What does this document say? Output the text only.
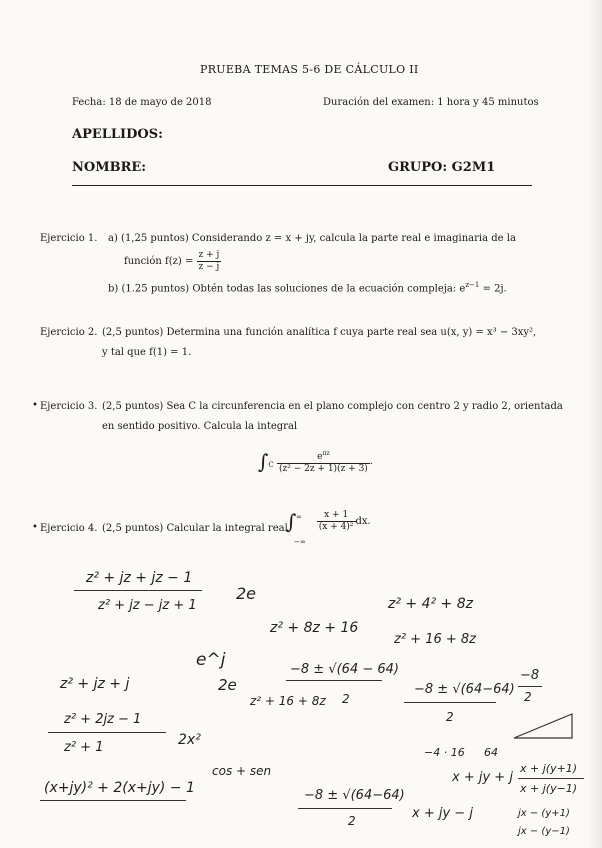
PRUEBA TEMAS 5-6 DE CÁLCULO II
Fecha: 18 de mayo de 2018	Duración del examen: 1 hora y 45 minutos
APELLIDOS:
NOMBRE:	GRUPO: G2M1
Ejercicio 1. a) (1,25 puntos) Considerando z = x + jy, calcula la parte real e imaginaria de la
función $f(z) = \frac{z + j}{z - j}$
b) (1.25 puntos) Obtén todas las soluciones de la ecuación compleja: $e^{z-1} = 2j$.
Ejercicio 2. (2,5 puntos) Determina una función analítica f cuya parte real sea u(x, y) = x³ − 3xy²,
y tal que f(1) = 1.
• Ejercicio 3. (2,5 puntos) Sea C la circunferencia en el plano complejo con centro 2 y radio 2, orientada
en sentido positivo. Calcula la integral
$\int_C \frac{e^{\pi z}}{\text{(z² − 2z + 1)(z + 3)}}$ .
• Ejercicio 4. (2,5 puntos) Calcular la integral real
∫ ∞
−∞

$\frac{x + 1}{\text{(x + 4)²}}$ dx.
z² + jz + jz − 1
z² + jz − jz + 1
2e
z² + 4² + 8z
z² + 16 + 8z
z² + 8z + 16
e^j
2e
z² + 16 + 8z
−8 ± √(64 − 64)
2
z² + jz + j
z² + 2jz − 1
z² + 1
(x+jy)² + 2(x+jy) − 1
−8 ± √(64−64)
2
−8
2
x + jy + j
x + j(y+1)
x + j(y−1)
x + jy − j
cos + sen
2x²
−4 · 16 64
jx − (y+1)
jx − (y−1)
−8 ± √(64−64)
2
